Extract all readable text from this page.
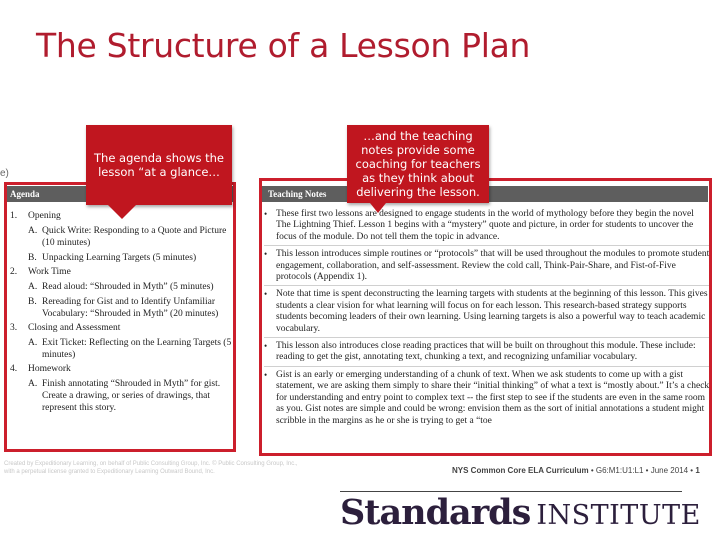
The Structure of a Lesson Plan
e)
Agenda	Teaching Notes
1.	Opening
A. Quick Write: Responding to a Quote and Picture (10 minutes)
B. Unpacking Learning Targets (5 minutes)
2.	Work Time
A. Read aloud: “Shrouded in Myth” (5 minutes)
B. Rereading for Gist and to Identify Unfamiliar Vocabulary: “Shrouded in Myth” (20 minutes)
3.	Closing and Assessment
A. Exit Ticket: Reflecting on the Learning Targets (5 minutes)
4.	Homework
A. Finish annotating “Shrouded in Myth” for gist. Create a drawing, or series of drawings, that represent this story.
• These first two lessons are designed to engage students in the world of mythology before they begin the novel The Lightning Thief. Lesson 1 begins with a “mystery” quote and picture, in order for students to uncover the focus of the module. Do not tell them the topic in advance.
• This lesson introduces simple routines or “protocols” that will be used throughout the modules to promote student engagement, collaboration, and self-assessment. Review the cold call, Think-Pair-Share, and Fist-of-Five protocols (Appendix 1).
• Note that time is spent deconstructing the learning targets with students at the beginning of this lesson. This gives students a clear vision for what learning will focus on for each lesson. This research-based strategy supports students becoming leaders of their own learning. Using learning targets is also a powerful way to teach academic vocabulary.
• This lesson also introduces close reading practices that will be built on throughout this module. These include: reading to get the gist, annotating text, chunking a text, and recognizing unfamiliar vocabulary.
• Gist is an early or emerging understanding of a chunk of text. When we ask students to come up with a gist statement, we are asking them simply to share their “initial thinking” of what a text is “mostly about.” It’s a check for understanding and entry point to complex text -- the first step to see if the students are even in the same room as you. Gist notes are simple and could be wrong: envision them as the sort of initial annotations a student might scribble in the margins as he or she is trying to get a “toe
Created by Expeditionary Learning, on behalf of Public Consulting Group, Inc. © Public Consulting Group, Inc., with a perpetual license granted to Expeditionary Learning Outward Bound, Inc.	NYS Common Core ELA Curriculum • G6:M1:U1:L1 • June 2014 • 1
The agenda shows the lesson “at a glance…
…and the teaching notes provide some coaching for teachers as they think about delivering the lesson.
Standards INSTITUTE
